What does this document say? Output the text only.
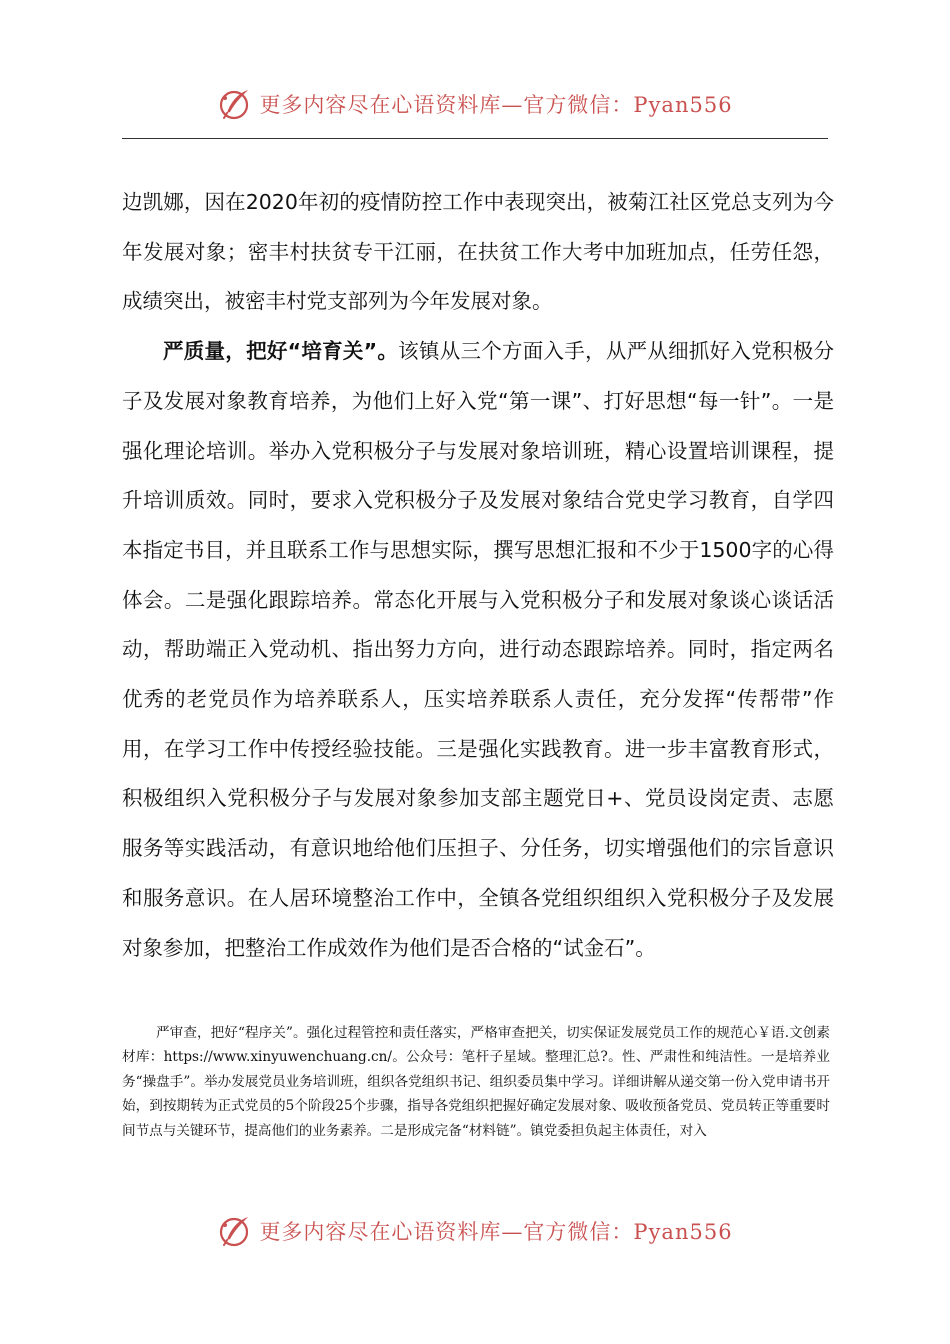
更多内容尽在心语资料库—官方微信：Pyan556

边凯娜，因在2020年初的疫情防控工作中表现突出，被菊江社区党总支列为今年发展对象；密丰村扶贫专干江丽，在扶贫工作大考中加班加点，任劳任怨，成绩突出，被密丰村党支部列为今年发展对象。

严质量，把好“培育关”。该镇从三个方面入手，从严从细抓好入党积极分子及发展对象教育培养，为他们上好入党“第一课”、打好思想“每一针”。一是强化理论培训。举办入党积极分子与发展对象培训班，精心设置培训课程，提升培训质效。同时，要求入党积极分子及发展对象结合党史学习教育，自学四本指定书目，并且联系工作与思想实际，撰写思想汇报和不少于1500字的心得体会。二是强化跟踪培养。常态化开展与入党积极分子和发展对象谈心谈话活动，帮助端正入党动机、指出努力方向，进行动态跟踪培养。同时，指定两名优秀的老党员作为培养联系人，压实培养联系人责任，充分发挥“传帮带”作用，在学习工作中传授经验技能。三是强化实践教育。进一步丰富教育形式，积极组织入党积极分子与发展对象参加支部主题党日+、党员设岗定责、志愿服务等实践活动，有意识地给他们压担子、分任务，切实增强他们的宗旨意识和服务意识。在人居环境整治工作中，全镇各党组织组织入党积极分子及发展对象参加，把整治工作成效作为他们是否合格的“试金石”。

严审查，把好“程序关”。强化过程管控和责任落实，严格审查把关，切实保证发展党员工作的规范心￥语.文创素材库：https://www.xinyuwenchuang.cn/。公众号：笔杆子星域。整理汇总?。性、严肃性和纯洁性。一是培养业务“操盘手”。举办发展党员业务培训班，组织各党组织书记、组织委员集中学习。详细讲解从递交第一份入党申请书开始，到按期转为正式党员的5个阶段25个步骤，指导各党组织把握好确定发展对象、吸收预备党员、党员转正等重要时间节点与关键环节，提高他们的业务素养。二是形成完备“材料链”。镇党委担负起主体责任，对入
更多内容尽在心语资料库—官方微信：Pyan556
